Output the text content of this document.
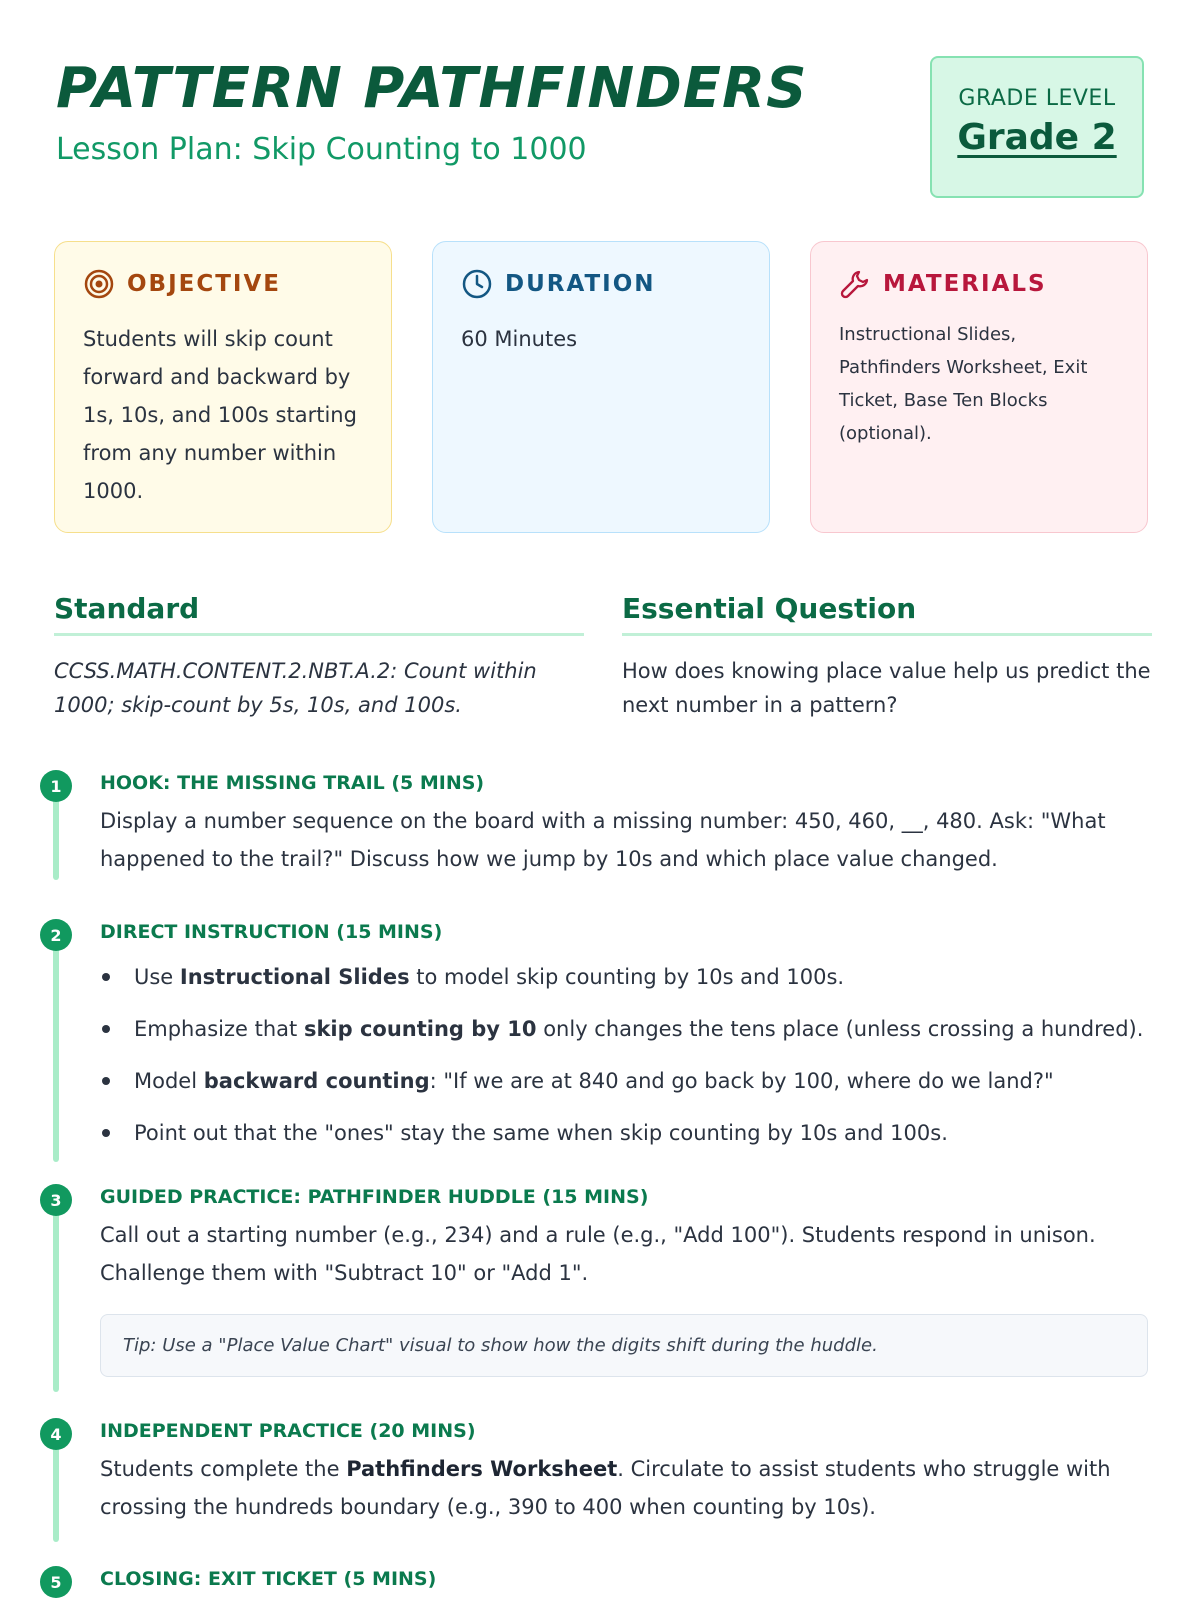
PATTERN PATHFINDERS
Lesson Plan: Skip Counting to 1000
GRADE LEVEL
Grade 2
OBJECTIVE
Students will skip count forward and backward by 1s, 10s, and 100s starting from any number within 1000.
DURATION
60 Minutes
MATERIALS
Instructional Slides, Pathfinders Worksheet, Exit Ticket, Base Ten Blocks (optional).
Standard

CCSS.MATH.CONTENT.2.NBT.A.2: Count within 1000; skip-count by 5s, 10s, and 100s.

Essential Question

How does knowing place value help us predict the next number in a pattern?

1	HOOK: THE MISSING TRAIL (5 MINS)
Display a number sequence on the board with a missing number: 450, 460, __, 480. Ask: "What happened to the trail?" Discuss how we jump by 10s and which place value changed.
2	DIRECT INSTRUCTION (15 MINS)
Use Instructional Slides to model skip counting by 10s and 100s.
Emphasize that skip counting by 10 only changes the tens place (unless crossing a hundred).
Model backward counting: "If we are at 840 and go back by 100, where do we land?"
Point out that the "ones" stay the same when skip counting by 10s and 100s.
3	GUIDED PRACTICE: PATHFINDER HUDDLE (15 MINS)
Call out a starting number (e.g., 234) and a rule (e.g., "Add 100"). Students respond in unison. Challenge them with "Subtract 10" or "Add 1".
Tip: Use a "Place Value Chart" visual to show how the digits shift during the huddle.
4	INDEPENDENT PRACTICE (20 MINS)
Students complete the Pathfinders Worksheet. Circulate to assist students who struggle with crossing the hundreds boundary (e.g., 390 to 400 when counting by 10s).
5	CLOSING: EXIT TICKET (5 MINS)
